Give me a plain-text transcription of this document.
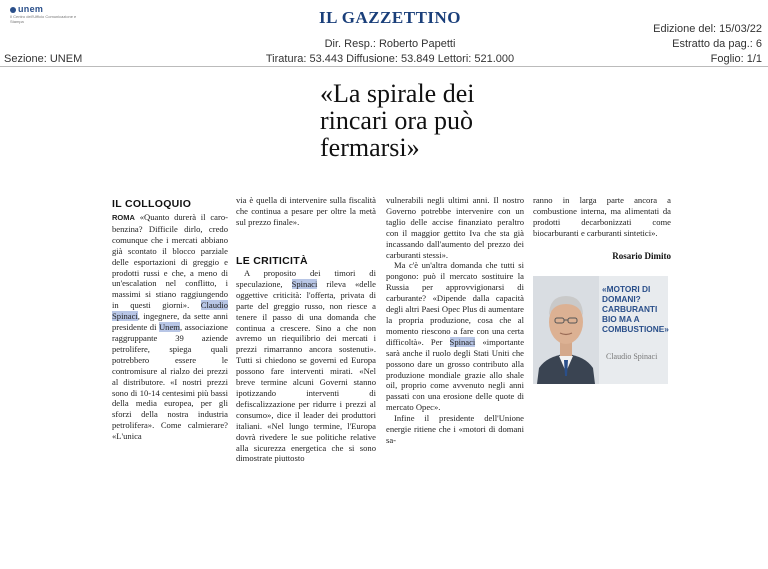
unem
Il Centro dell'Ufficio Comunicazione e Stampa	IL GAZZETTINO
Dir. Resp.: Roberto Papetti
Tiratura: 53.443 Diffusione: 53.849 Lettori: 521.000
Sezione: UNEM
Edizione del: 15/03/22
Estratto da pag.: 6
Foglio: 1/1
«La spirale dei rincari ora può fermarsi»
IL COLLOQUIO

ROMA «Quanto durerà il caro-benzina? Difficile dirlo, credo comunque che i mercati abbiano già scontato il blocco parziale delle esportazioni di greggio e prodotti russi e che, a meno di un'escalation nel conflitto, i massimi si stiano raggiungendo in questi giorni». Claudio Spinaci, ingegnere, da sette anni presidente di Unem, associazione raggruppante 39 aziende petrolifere, spiega quali potrebbero essere le contromisure al rialzo dei prezzi al distributore. «I nostri prezzi sono di 10-14 centesimi più bassi della media europea, per gli sforzi della nostra industria petrolifera». Come calmierare? «L'unica

via è quella di intervenire sulla fiscalità che continua a pesare per oltre la metà sul prezzo finale».

LE CRITICITÀ

A proposito dei timori di speculazione, Spinaci rileva «delle oggettive criticità: l'offerta, privata di parte del greggio russo, non riesce a tenere il passo di una domanda che continua a crescere. Sino a che non avremo un riequilibrio dei mercati i prezzi rimarranno ancora sostenuti». Tutti si chiedono se governi ed Europa possono fare interventi mirati. «Nel breve termine alcuni Governi stanno ipotizzando interventi di defiscalizzazione per ridurre i prezzi al consumo», dice il leader dei produttori italiani. «Nel lungo termine, l'Europa dovrà rivedere le sue politiche relative alla sicurezza energetica che si sono dimostrate piuttosto

vulnerabili negli ultimi anni. Il nostro Governo potrebbe intervenire con un taglio delle accise finanziato peraltro con il maggior gettito Iva che sta già incassando dall'aumento del prezzo dei carburanti stessi».

Ma c'è un'altra domanda che tutti si pongono: può il mercato sostituire la Russia per approvvigionarsi di carburante? «Dipende dalla capacità degli altri Paesi Opec Plus di aumentare la propria produzione, cosa che al momento riescono a fare con una certa difficoltà». Per Spinaci «importante sarà anche il ruolo degli Stati Uniti che possono dare un grosso contributo alla produzione mondiale grazie allo shale oil, proprio come avvenuto negli anni passati con una erosione delle quote di mercato Opec».

Infine il presidente dell'Unione energie ritiene che i «motori di domani sa-

ranno in larga parte ancora a combustione interna, ma alimentati da prodotti decarbonizzati come biocarburanti e carburanti sintetici».

Rosario Dimito
«MOTORI DI DOMANI? CARBURANTI BIO MA A COMBUSTIONE»
Claudio Spinaci
